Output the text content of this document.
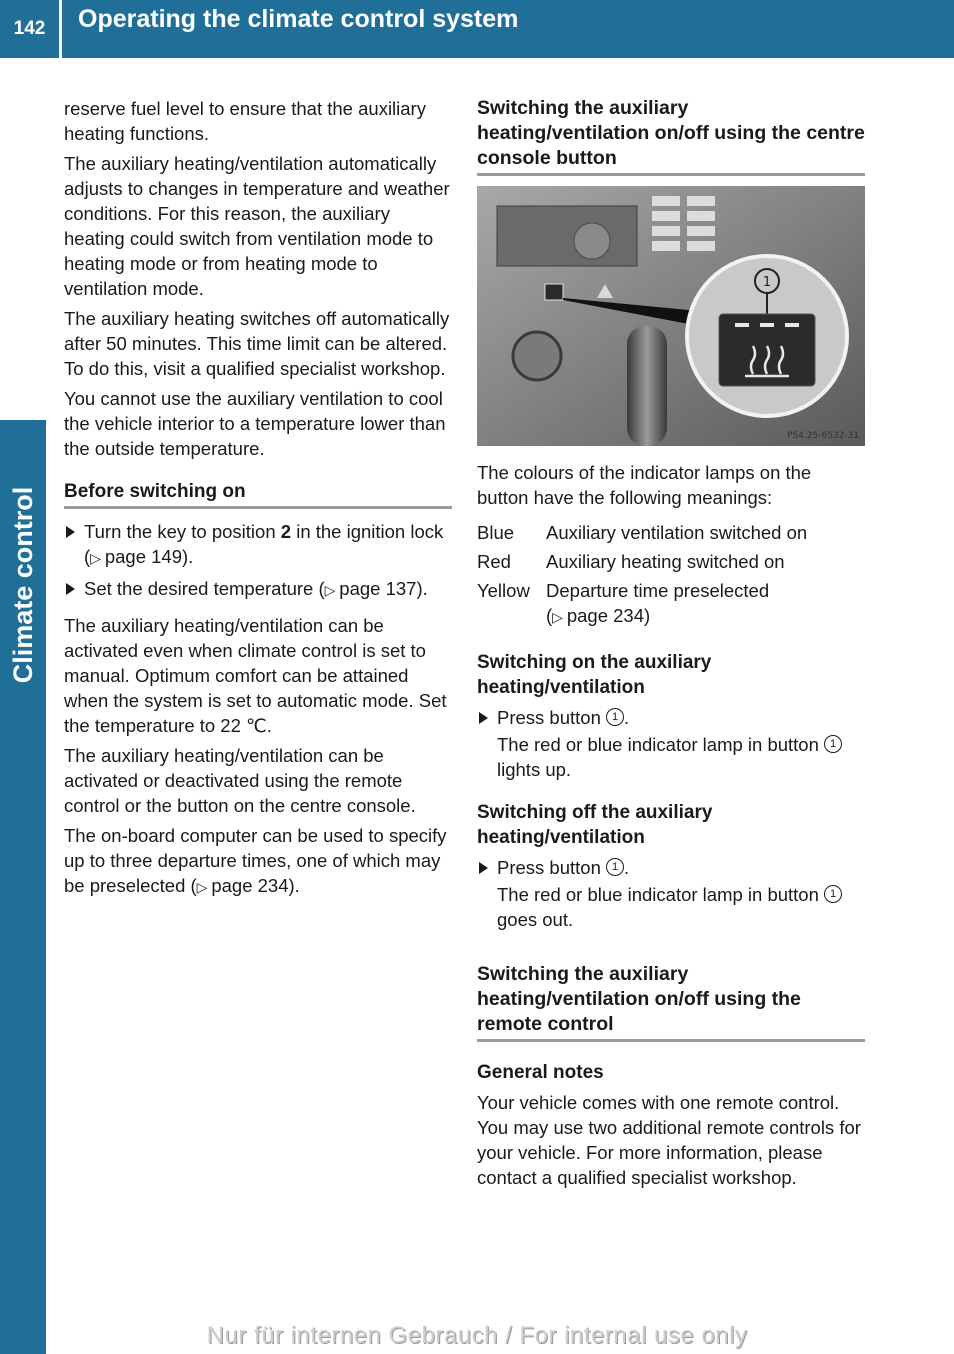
142	Operating the climate control system
Climate control

reserve fuel level to ensure that the auxiliary heating functions.

The auxiliary heating/ventilation automatically adjusts to changes in temperature and weather conditions. For this reason, the auxiliary heating could switch from ventilation mode to heating mode or from heating mode to ventilation mode.

The auxiliary heating switches off automatically after 50 minutes. This time limit can be altered. To do this, visit a qualified specialist workshop.

You cannot use the auxiliary ventilation to cool the vehicle interior to a temperature lower than the outside temperature.

Before switching on
Turn the key to position 2 in the ignition lock (▷ page 149).
Set the desired temperature (▷ page 137).

The auxiliary heating/ventilation can be activated even when climate control is set to manual. Optimum comfort can be attained when the system is set to automatic mode. Set the temperature to 22 ℃.

The auxiliary heating/ventilation can be activated or deactivated using the remote control or the button on the centre console.

The on-board computer can be used to specify up to three departure times, one of which may be preselected (▷ page 234).

Switching the auxiliary heating/ventilation on/off using the centre console button
1
P54.25-6532-31

The colours of the indicator lamps on the button have the following meanings:

Blue	Auxiliary ventilation switched on
Red	Auxiliary heating switched on
Yellow	Departure time preselected
(▷ page 234)
Switching on the auxiliary heating/ventilation
Press button 1 .
The red or blue indicator lamp in button 1 lights up.
Switching off the auxiliary heating/ventilation
Press button 1 .
The red or blue indicator lamp in button 1 goes out.
Switching the auxiliary heating/ventilation on/off using the remote control
General notes

Your vehicle comes with one remote control. You may use two additional remote controls for your vehicle. For more information, please contact a qualified specialist workshop.

Nur für internen Gebrauch / For internal use only
